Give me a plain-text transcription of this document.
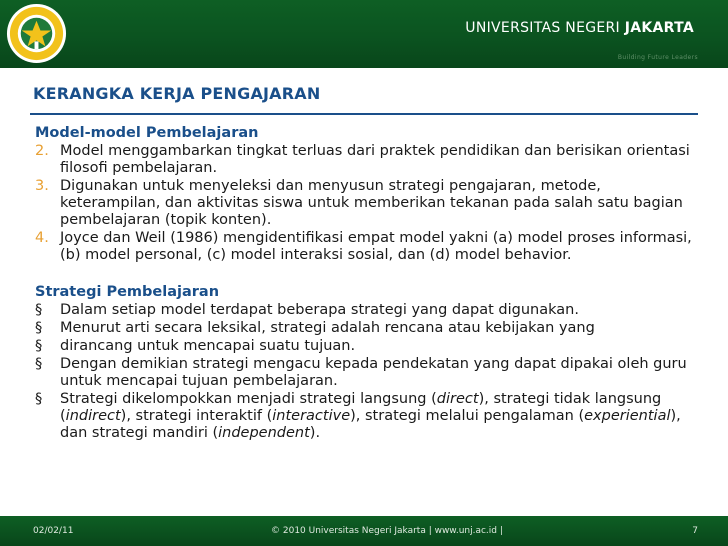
UNIVERSITAS NEGERI JAKARTA
Building Future Leaders
KERANGKA KERJA PENGAJARAN
Model-model Pembelajaran
2. Model menggambarkan tingkat terluas dari praktek pendidikan dan berisikan orientasi filosofi pembelajaran.
3. Digunakan untuk menyeleksi dan menyusun strategi pengajaran, metode, keterampilan, dan aktivitas siswa untuk memberikan tekanan pada salah satu bagian pembelajaran (topik konten).
4. Joyce dan Weil (1986) mengidentifikasi empat model yakni (a) model proses informasi, (b) model personal, (c) model interaksi sosial, dan (d) model behavior.
Strategi Pembelajaran
§	Dalam setiap model terdapat beberapa strategi yang dapat digunakan.
§	Menurut arti secara leksikal, strategi adalah rencana atau kebijakan yang
§	dirancang untuk mencapai suatu tujuan.
§	Dengan demikian strategi mengacu kepada pendekatan yang dapat dipakai oleh guru untuk mencapai tujuan pembelajaran.
§	Strategi dikelompokkan menjadi strategi langsung (direct), strategi tidak langsung (indirect), strategi interaktif (interactive), strategi melalui pengalaman (experiential), dan strategi mandiri (independent).
02/02/11	© 2010 Universitas Negeri Jakarta | www.unj.ac.id |	7
